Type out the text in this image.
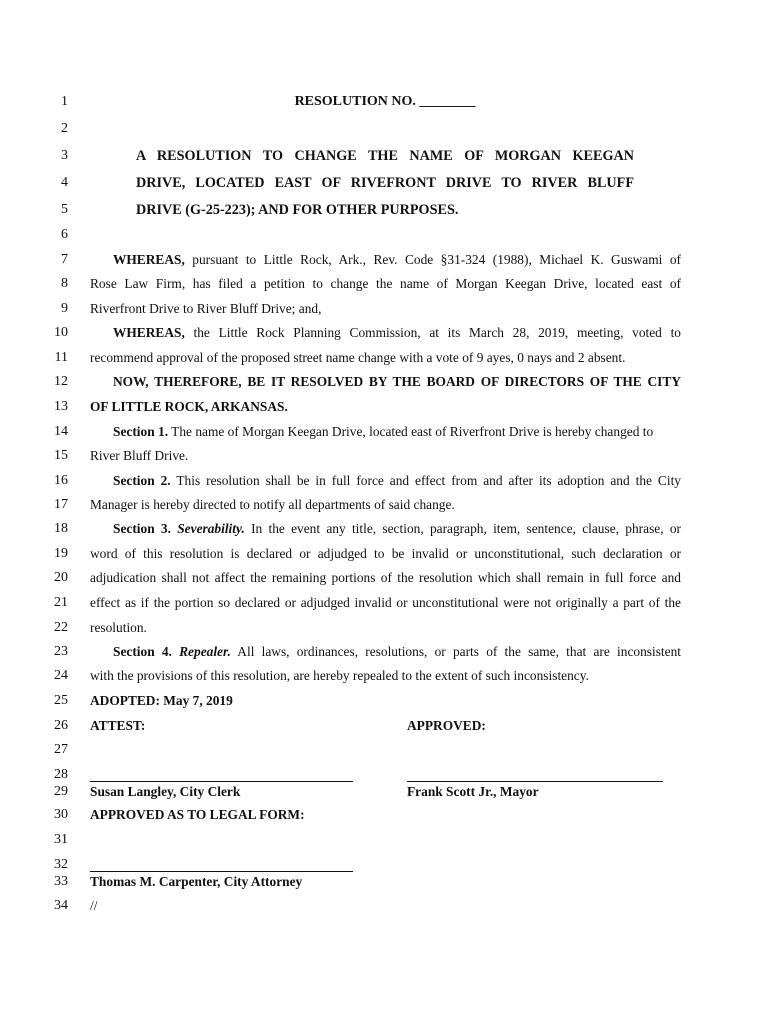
1
2
3
4
5
6
7
8
9
10
11
12
13
14
15
16
17
18
19
20
21
22
23
24
25
26
27
28
29
30
31
32
33
34
RESOLUTION NO. ________
A RESOLUTION TO CHANGE THE NAME OF MORGAN KEEGAN
DRIVE, LOCATED EAST OF RIVEFRONT DRIVE TO RIVER BLUFF
DRIVE (G-25-223); AND FOR OTHER PURPOSES.
WHEREAS, pursuant to Little Rock, Ark., Rev. Code §31-324 (1988), Michael K. Guswami of
Rose Law Firm, has filed a petition to change the name of Morgan Keegan Drive, located east of
Riverfront Drive to River Bluff Drive; and,
WHEREAS, the Little Rock Planning Commission, at its March 28, 2019, meeting, voted to
recommend approval of the proposed street name change with a vote of 9 ayes, 0 nays and 2 absent.
NOW, THEREFORE, BE IT RESOLVED BY THE BOARD OF DIRECTORS OF THE CITY
OF LITTLE ROCK, ARKANSAS.
Section 1. The name of Morgan Keegan Drive, located east of Riverfront Drive is hereby changed to
River Bluff Drive.
Section 2. This resolution shall be in full force and effect from and after its adoption and the City
Manager is hereby directed to notify all departments of said change.
Section 3. Severability. In the event any title, section, paragraph, item, sentence, clause, phrase, or
word of this resolution is declared or adjudged to be invalid or unconstitutional, such declaration or
adjudication shall not affect the remaining portions of the resolution which shall remain in full force and
effect as if the portion so declared or adjudged invalid or unconstitutional were not originally a part of the
resolution.
Section 4. Repealer. All laws, ordinances, resolutions, or parts of the same, that are inconsistent
with the provisions of this resolution, are hereby repealed to the extent of such inconsistency.
ADOPTED: May 7, 2019
ATTEST:	APPROVED:
Susan Langley, City Clerk	Frank Scott Jr., Mayor
APPROVED AS TO LEGAL FORM:
Thomas M. Carpenter, City Attorney
//
